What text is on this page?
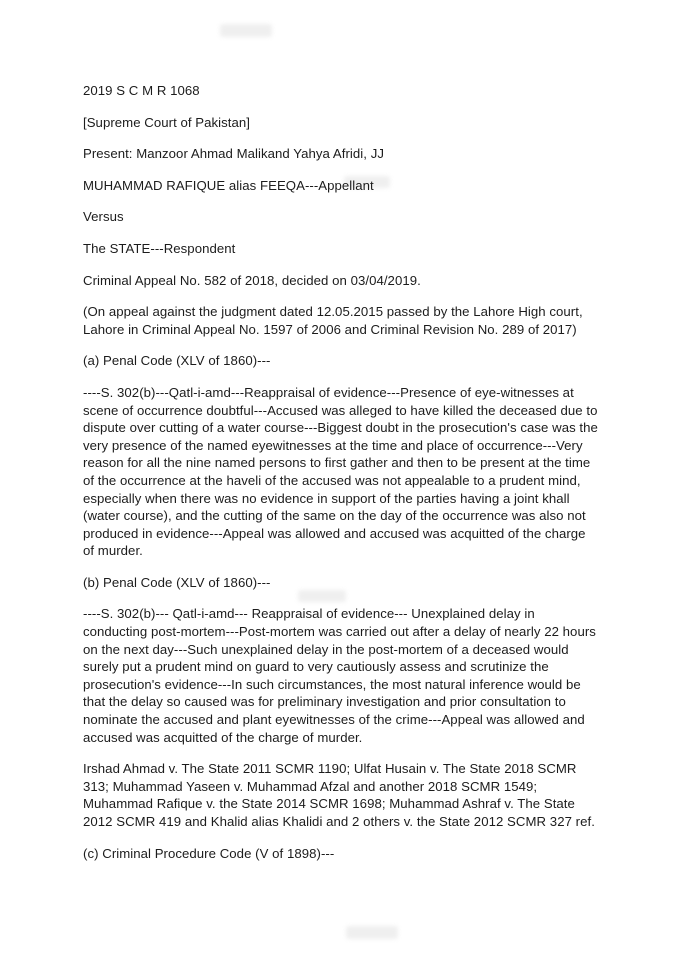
2019 S C M R 1068

[Supreme Court of Pakistan]

Present: Manzoor Ahmad Malikand Yahya Afridi, JJ

MUHAMMAD RAFIQUE alias FEEQA---Appellant

Versus

The STATE---Respondent

Criminal Appeal No. 582 of 2018, decided on 03/04/2019.

(On appeal against the judgment dated 12.05.2015 passed by the Lahore High court, Lahore in Criminal Appeal No. 1597 of 2006 and Criminal Revision No. 289 of 2017)

(a) Penal Code (XLV of 1860)---

----S. 302(b)---Qatl-i-amd---Reappraisal of evidence---Presence of eye-witnesses at scene of occurrence doubtful---Accused was alleged to have killed the deceased due to dispute over cutting of a water course---Biggest doubt in the prosecution's case was the very presence of the named eyewitnesses at the time and place of occurrence---Very reason for all the nine named persons to first gather and then to be present at the time of the occurrence at the haveli of the accused was not appealable to a prudent mind, especially when there was no evidence in support of the parties having a joint khall (water course), and the cutting of the same on the day of the occurrence was also not produced in evidence---Appeal was allowed and accused was acquitted of the charge of murder.

(b) Penal Code (XLV of 1860)---

----S. 302(b)--- Qatl-i-amd--- Reappraisal of evidence--- Unexplained delay in conducting post-mortem---Post-mortem was carried out after a delay of nearly 22 hours on the next day---Such unexplained delay in the post-mortem of a deceased would surely put a prudent mind on guard to very cautiously assess and scrutinize the prosecution's evidence---In such circumstances, the most natural inference would be that the delay so caused was for preliminary investigation and prior consultation to nominate the accused and plant eyewitnesses of the crime---Appeal was allowed and accused was acquitted of the charge of murder.

Irshad Ahmad v. The State 2011 SCMR 1190; Ulfat Husain v. The State 2018 SCMR 313; Muhammad Yaseen v. Muhammad Afzal and another 2018 SCMR 1549; Muhammad Rafique v. the State 2014 SCMR 1698; Muhammad Ashraf v. The State 2012 SCMR 419 and Khalid alias Khalidi and 2 others v. the State 2012 SCMR 327 ref.

(c) Criminal Procedure Code (V of 1898)---
